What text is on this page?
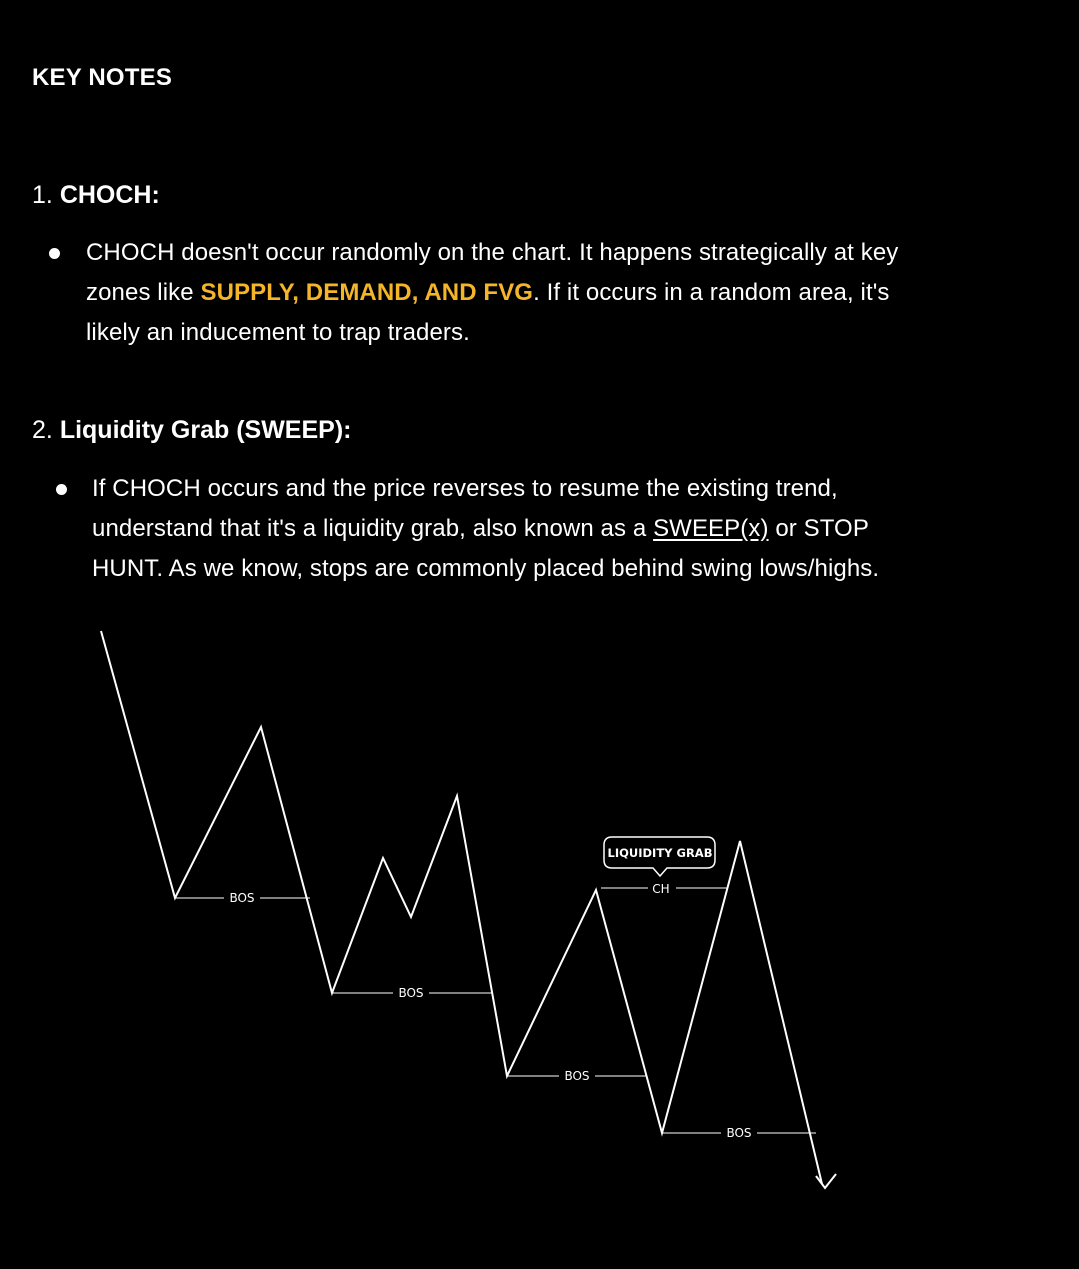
KEY NOTES
1. CHOCH:
CHOCH doesn't occur randomly on the chart. It happens strategically at key
zones like SUPPLY, DEMAND, AND FVG. If it occurs in a random area, it's
likely an inducement to trap traders.
2. Liquidity Grab (SWEEP):
If CHOCH occurs and the price reverses to resume the existing trend,
understand that it's a liquidity grab, also known as a SWEEP(x) or STOP
HUNT. As we know, stops are commonly placed behind swing lows/highs.
BOS
BOS
BOS
BOS
CH
LIQUIDITY GRAB
